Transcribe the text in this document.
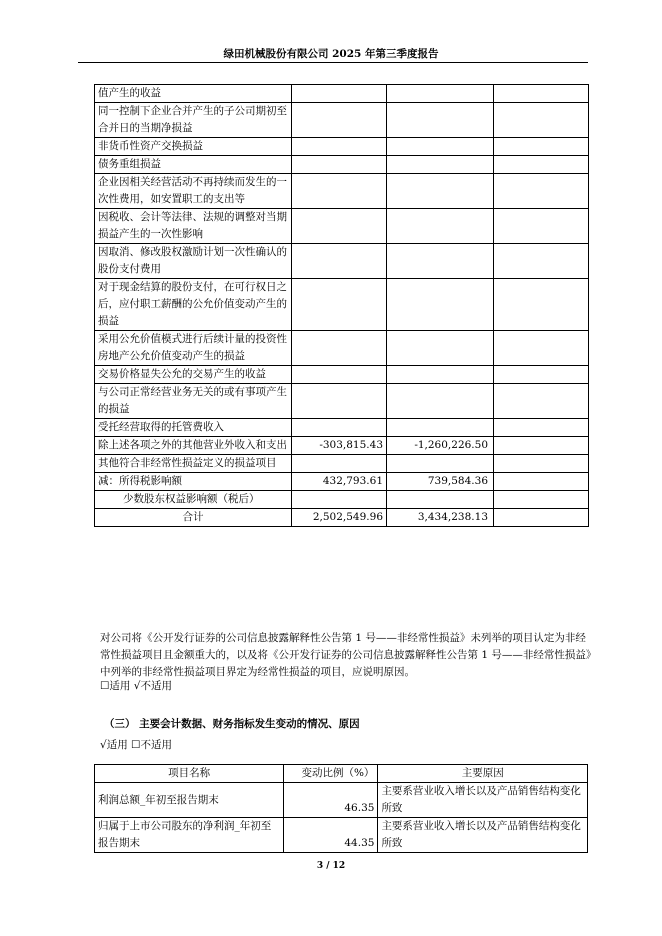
绿田机械股份有限公司 2025 年第三季度报告
值产生的收益			
同一控制下企业合并产生的子公司期初至合并日的当期净损益			
非货币性资产交换损益			
债务重组损益			
企业因相关经营活动不再持续而发生的一次性费用，如安置职工的支出等			
因税收、会计等法律、法规的调整对当期损益产生的一次性影响			
因取消、修改股权激励计划一次性确认的股份支付费用			
对于现金结算的股份支付，在可行权日之后，应付职工薪酬的公允价值变动产生的损益			
采用公允价值模式进行后续计量的投资性房地产公允价值变动产生的损益			
交易价格显失公允的交易产生的收益			
与公司正常经营业务无关的或有事项产生的损益			
受托经营取得的托管费收入			
除上述各项之外的其他营业外收入和支出	-303,815.43	-1,260,226.50	
其他符合非经常性损益定义的损益项目			
减：所得税影响额	432,793.61	739,584.36	
少数股东权益影响额（税后）			
合计	2,502,549.96	3,434,238.13	
对公司将《公开发行证券的公司信息披露解释性公告第 1 号——非经常性损益》未列举的项目认定为非经常性损益项目且金额重大的，以及将《公开发行证券的公司信息披露解释性公告第 1 号——非经常性损益》中列举的非经常性损益项目界定为经常性损益的项目，应说明原因。
☐适用 √不适用
（三） 主要会计数据、财务指标发生变动的情况、原因
√适用 ☐不适用
项目名称	变动比例（%）	主要原因
利润总额_年初至报告期末	46.35	主要系营业收入增长以及产品销售结构变化所致
归属于上市公司股东的净利润_年初至报告期末	44.35	主要系营业收入增长以及产品销售结构变化所致
3 / 12
